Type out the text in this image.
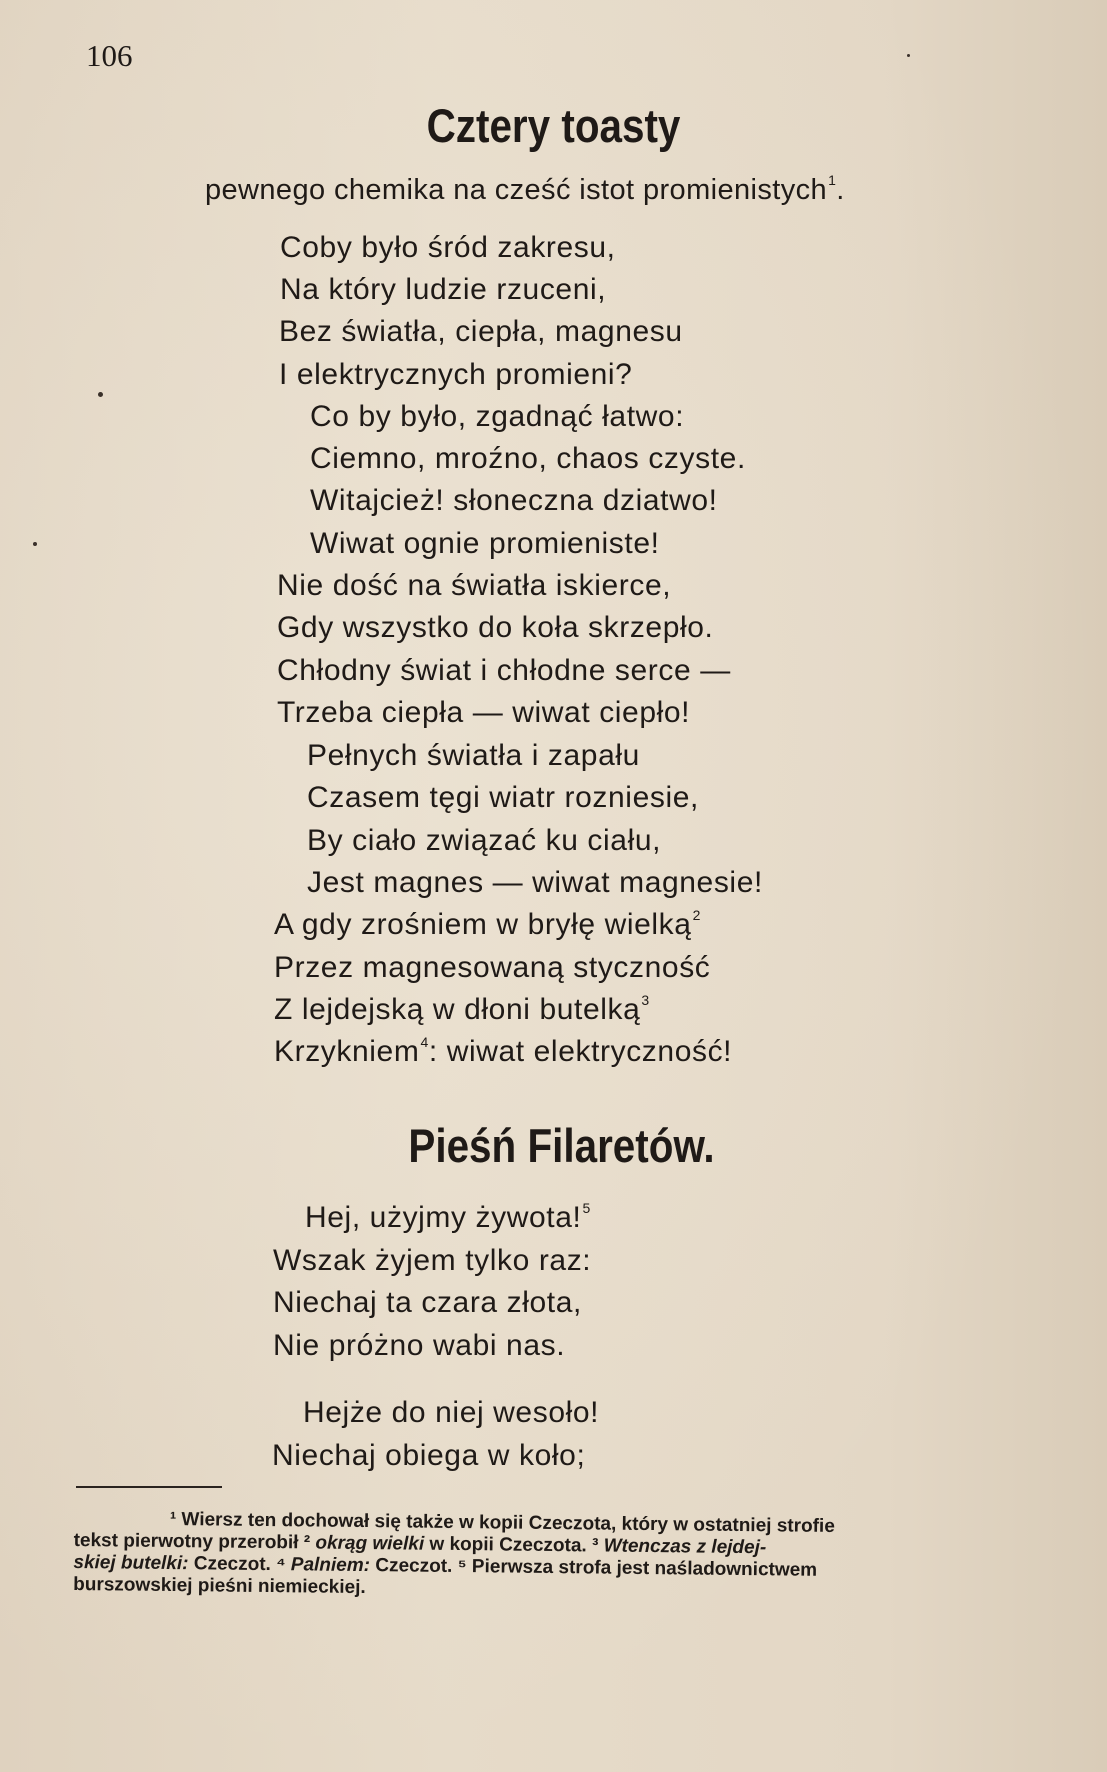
106
Cztery toasty
pewnego chemika na cześć istot promienistych$^1$.
Coby było śród zakresu,
Na który ludzie rzuceni,
Bez światła, ciepła, magnesu
I elektrycznych promieni?
Co by było, zgadnąć łatwo:
Ciemno, mroźno, chaos czyste.
Witajcież! słoneczna dziatwo!
Wiwat ognie promieniste!
Nie dość na światła iskierce,
Gdy wszystko do koła skrzepło.
Chłodny świat i chłodne serce —
Trzeba ciepła — wiwat ciepło!
Pełnych światła i zapału
Czasem tęgi wiatr rozniesie,
By ciało związać ku ciału,
Jest magnes — wiwat magnesie!
A gdy zrośniem w bryłę wielką$^2$
Przez magnesowaną styczność
Z lejdejską w dłoni butelką$^3$
Krzykniem$^4$: wiwat elektryczność!
Pieśń Filaretów.
Hej, użyjmy żywota!$^5$
Wszak żyjem tylko raz:
Niechaj ta czara złota,
Nie próżno wabi nas.
Hejże do niej wesoło!
Niechaj obiega w koło;
¹ Wiersz ten dochował się także w kopii Czeczota, który w ostatniej strofie
tekst pierwotny przerobił ² okrąg wielki w kopii Czeczota. ³ Wtenczas z lejdej-
skiej butelki: Czeczot. ⁴ Palniem: Czeczot. ⁵ Pierwsza strofa jest naśladownictwem
burszowskiej pieśni niemieckiej.
